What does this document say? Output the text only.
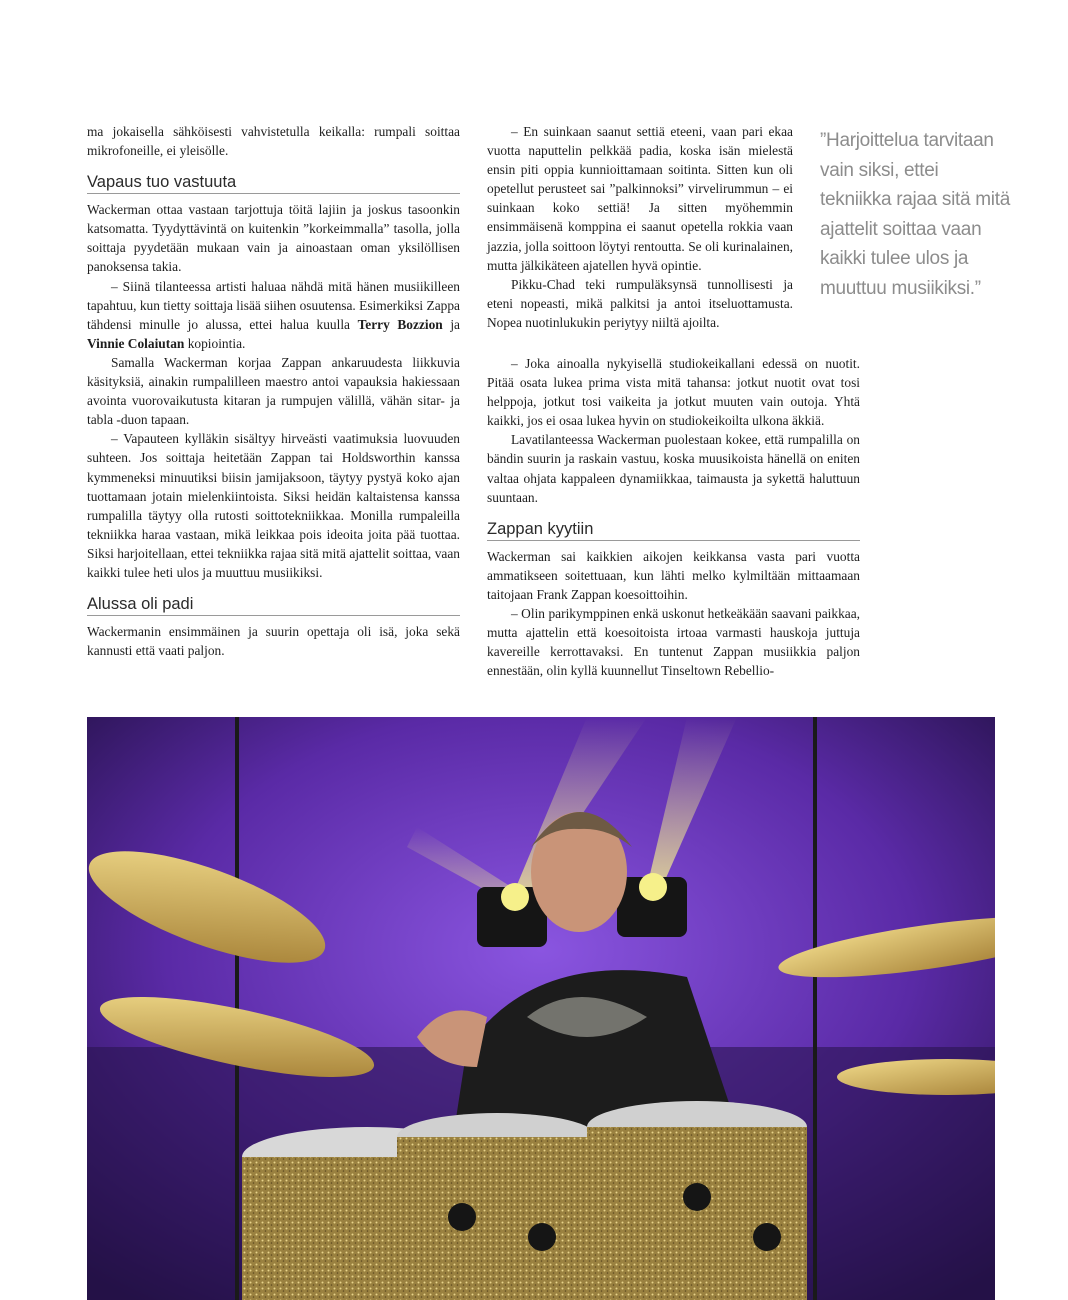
ma jokaisella sähköisesti vahvistetulla keikalla: rumpali soittaa mikrofoneille, ei yleisölle.

Vapaus tuo vastuuta

Wackerman ottaa vastaan tarjottuja töitä lajiin ja joskus tasoonkin katsomatta. Tyydyttävintä on kuitenkin ”korkeimmalla” tasolla, jolla soittaja pyydetään mukaan vain ja ainoastaan oman yksilöllisen panoksensa takia.

– Siinä tilanteessa artisti haluaa nähdä mitä hänen musiikilleen tapahtuu, kun tietty soittaja lisää siihen osuutensa. Esimerkiksi Zappa tähdensi minulle jo alussa, ettei halua kuulla Terry Bozzion ja Vinnie Colaiutan kopiointia.

Samalla Wackerman korjaa Zappan ankaruudesta liikkuvia käsityksiä, ainakin rumpalilleen maestro antoi vapauksia hakiessaan avointa vuorovaikutusta kitaran ja rumpujen välillä, vähän sitar- ja tabla -duon tapaan.

– Vapauteen kylläkin sisältyy hirveästi vaatimuksia luovuuden suhteen. Jos soittaja heitetään Zappan tai Holdsworthin kanssa kymmeneksi minuutiksi biisin jamijaksoon, täytyy pystyä koko ajan tuottamaan jotain mielenkiintoista. Siksi heidän kaltaistensa kanssa rumpalilla täytyy olla rutosti soittotekniikkaa. Monilla rumpaleilla tekniikka haraa vastaan, mikä leikkaa pois ideoita joita pää tuottaa. Siksi harjoitellaan, ettei tekniikka rajaa sitä mitä ajattelit soittaa, vaan kaikki tulee heti ulos ja muuttuu musiikiksi.

Alussa oli padi

Wackermanin ensimmäinen ja suurin opettaja oli isä, joka sekä kannusti että vaati paljon.

– En suinkaan saanut settiä eteeni, vaan pari ekaa vuotta naputtelin pelkkää padia, koska isän mielestä ensin piti oppia kunnioittamaan soitinta. Sitten kun oli opetellut perusteet sai ”palkinnoksi” virvelirummun – ei suinkaan koko settiä! Ja sitten myöhemmin ensimmäisenä komppina ei saanut opetella rokkia vaan jazzia, jolla soittoon löytyi rentoutta. Se oli kurinalainen, mutta jälkikäteen ajatellen hyvä opintie.

Pikku-Chad teki rumpuläksynsä tunnollisesti ja eteni nopeasti, mikä palkitsi ja antoi itseluottamusta. Nopea nuotinlukukin periytyy niiltä ajoilta.

– Joka ainoalla nykyisellä studiokeikallani edessä on nuotit. Pitää osata lukea prima vista mitä tahansa: jotkut nuotit ovat tosi helppoja, jotkut tosi vaikeita ja jotkut muuten vain outoja. Yhtä kaikki, jos ei osaa lukea hyvin on studiokeikoilta ulkona äkkiä.

Lavatilanteessa Wackerman puolestaan kokee, että rumpalilla on bändin suurin ja raskain vastuu, koska muusikoista hänellä on eniten valtaa ohjata kappaleen dynamiikkaa, taimausta ja sykettä haluttuun suuntaan.

Zappan kyytiin

Wackerman sai kaikkien aikojen keikkansa vasta pari vuotta ammatikseen soitettuaan, kun lähti melko kylmiltään mittaamaan taitojaan Frank Zappan koesoittoihin.

– Olin parikymppinen enkä uskonut hetkeäkään saavani paikkaa, mutta ajattelin että koesoitoista irtoaa varmasti hauskoja juttuja kavereille kerrottavaksi. En tuntenut Zappan musiikkia paljon ennestään, olin kyllä kuunnellut Tinseltown Rebellio-

”Harjoittelua tarvitaan vain siksi, ettei tekniikka rajaa sitä mitä ajattelit soittaa vaan kaikki tulee ulos ja muuttuu musiikiksi.”
